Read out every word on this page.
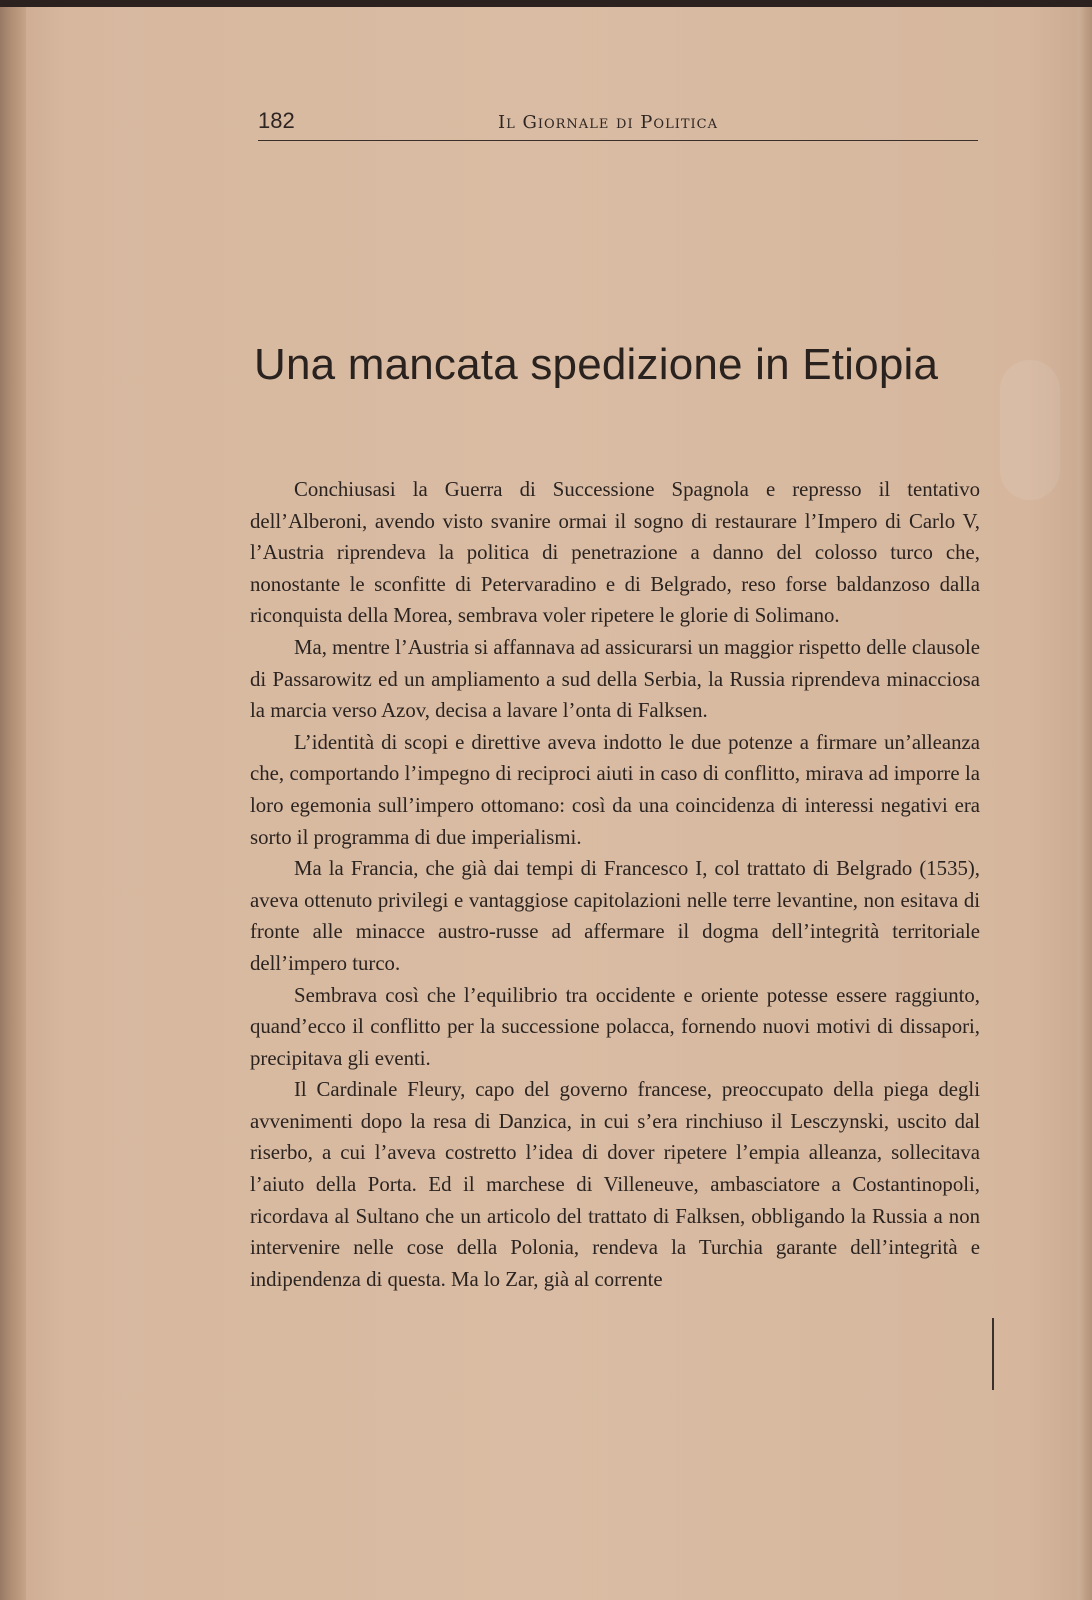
182	Il Giornale di Politica
Una mancata spedizione in Etiopia

Conchiusasi la Guerra di Successione Spagnola e represso il tentativo dell’Alberoni, avendo visto svanire ormai il sogno di restaurare l’Impero di Carlo V, l’Austria riprendeva la politica di penetrazione a danno del colosso turco che, nonostante le sconfitte di Petervaradino e di Belgrado, reso forse baldanzoso dalla riconquista della Morea, sembrava voler ripetere le glorie di Solimano.

Ma, mentre l’Austria si affannava ad assicurarsi un maggior rispetto delle clausole di Passarowitz ed un ampliamento a sud della Serbia, la Russia riprendeva minacciosa la marcia verso Azov, decisa a lavare l’onta di Falksen.

L’identità di scopi e direttive aveva indotto le due potenze a firmare un’alleanza che, comportando l’impegno di reciproci aiuti in caso di conflitto, mirava ad imporre la loro egemonia sull’impero ottomano: così da una coincidenza di interessi negativi era sorto il programma di due imperialismi.

Ma la Francia, che già dai tempi di Francesco I, col trattato di Belgrado (1535), aveva ottenuto privilegi e vantaggiose capitolazioni nelle terre levantine, non esitava di fronte alle minacce austro-russe ad affermare il dogma dell’integrità territoriale dell’impero turco.

Sembrava così che l’equilibrio tra occidente e oriente potesse essere raggiunto, quand’ecco il conflitto per la successione polacca, fornendo nuovi motivi di dissapori, precipitava gli eventi.

Il Cardinale Fleury, capo del governo francese, preoccupato della piega degli avvenimenti dopo la resa di Danzica, in cui s’era rinchiuso il Lesczynski, uscito dal riserbo, a cui l’aveva costretto l’idea di dover ripetere l’empia alleanza, sollecitava l’aiuto della Porta. Ed il marchese di Villeneuve, ambasciatore a Costantinopoli, ricordava al Sultano che un articolo del trattato di Falksen, obbligando la Russia a non intervenire nelle cose della Polonia, rendeva la Turchia garante dell’integrità e indipendenza di questa. Ma lo Zar, già al corrente
